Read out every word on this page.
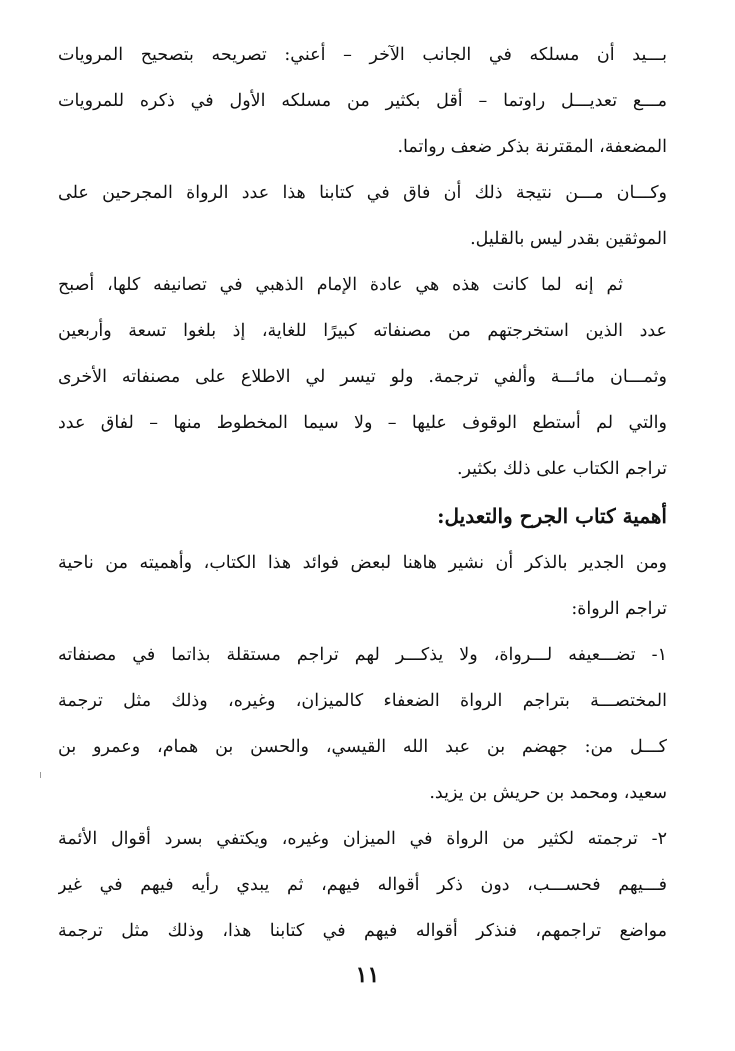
بـــيد أن مسلكه في الجانب الآخر – أعني: تصريحه بتصحيح المرويات
مـــع تعديـــل راوتما – أقل بكثير من مسلكه الأول في ذكره للمرويات
المضعفة، المقترنة بذكر ضعف رواتما.
وكـــان مـــن نتيجة ذلك أن فاق في كتابنا هذا عدد الرواة المجرحين على
الموثقين بقدر ليس بالقليل.
ثم إنه لما كانت هذه هي عادة الإمام الذهبي في تصانيفه كلها، أصبح
عدد الذين استخرجتهم من مصنفاته كبيرًا للغاية، إذ بلغوا تسعة وأربعين
وثمـــان مائـــة وألفي ترجمة. ولو تيسر لي الاطلاع على مصنفاته الأخرى
والتي لم أستطع الوقوف عليها – ولا سيما المخطوط منها – لفاق عدد
تراجم الكتاب على ذلك بكثير.
أهمية كتاب الجرح والتعديل:
ومن الجدير بالذكر أن نشير هاهنا لبعض فوائد هذا الكتاب، وأهميته من ناحية
تراجم الرواة:
١- تضـــعيفه لـــرواة، ولا يذكـــر لهم تراجم مستقلة بذاتما في مصنفاته
المختصـــة بتراجم الرواة الضعفاء كالميزان، وغيره، وذلك مثل ترجمة
كـــل من: جهضم بن عبد الله القيسي، والحسن بن همام، وعمرو بن
سعيد، ومحمد بن حريش بن يزيد.
٢- ترجمته لكثير من الرواة في الميزان وغيره، ويكتفي بسرد أقوال الأئمة
فـــيهم فحســـب، دون ذكر أقواله فيهم، ثم يبدي رأيه فيهم في غير
مواضع تراجمهم، فنذكر أقواله فيهم في كتابنا هذا، وذلك مثل ترجمة
١١
